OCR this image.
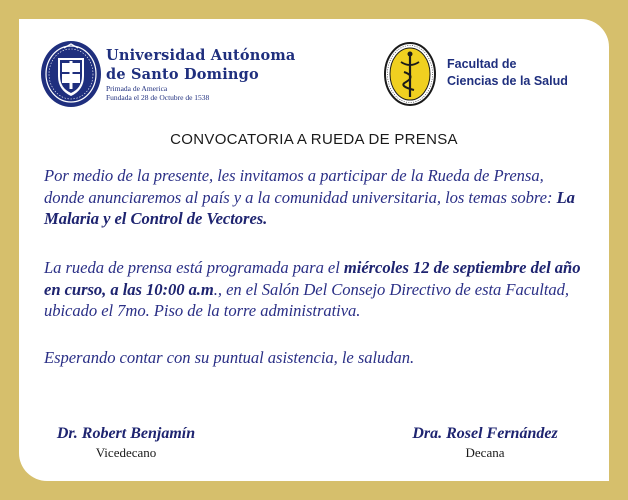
Universidad Autónoma
de Santo Domingo
Primada de America
Fundada el 28 de Octubre de 1538
Facultad de
Ciencias de la Salud
CONVOCATORIA A RUEDA DE PRENSA

Por medio de la presente, les invitamos a participar de la Rueda de Prensa, donde anunciaremos al país y a la comunidad universitaria, los temas sobre: La Malaria y el Control de Vectores.

La rueda de prensa está programada para el miércoles 12 de septiembre del año en curso, a las 10:00 a.m., en el Salón Del Consejo Directivo de esta Facultad, ubicado el 7mo. Piso de la torre administrativa.

Esperando contar con su puntual asistencia, le saludan.

Dr. Robert Benjamín
Vicedecano
Dra. Rosel Fernández
Decana
